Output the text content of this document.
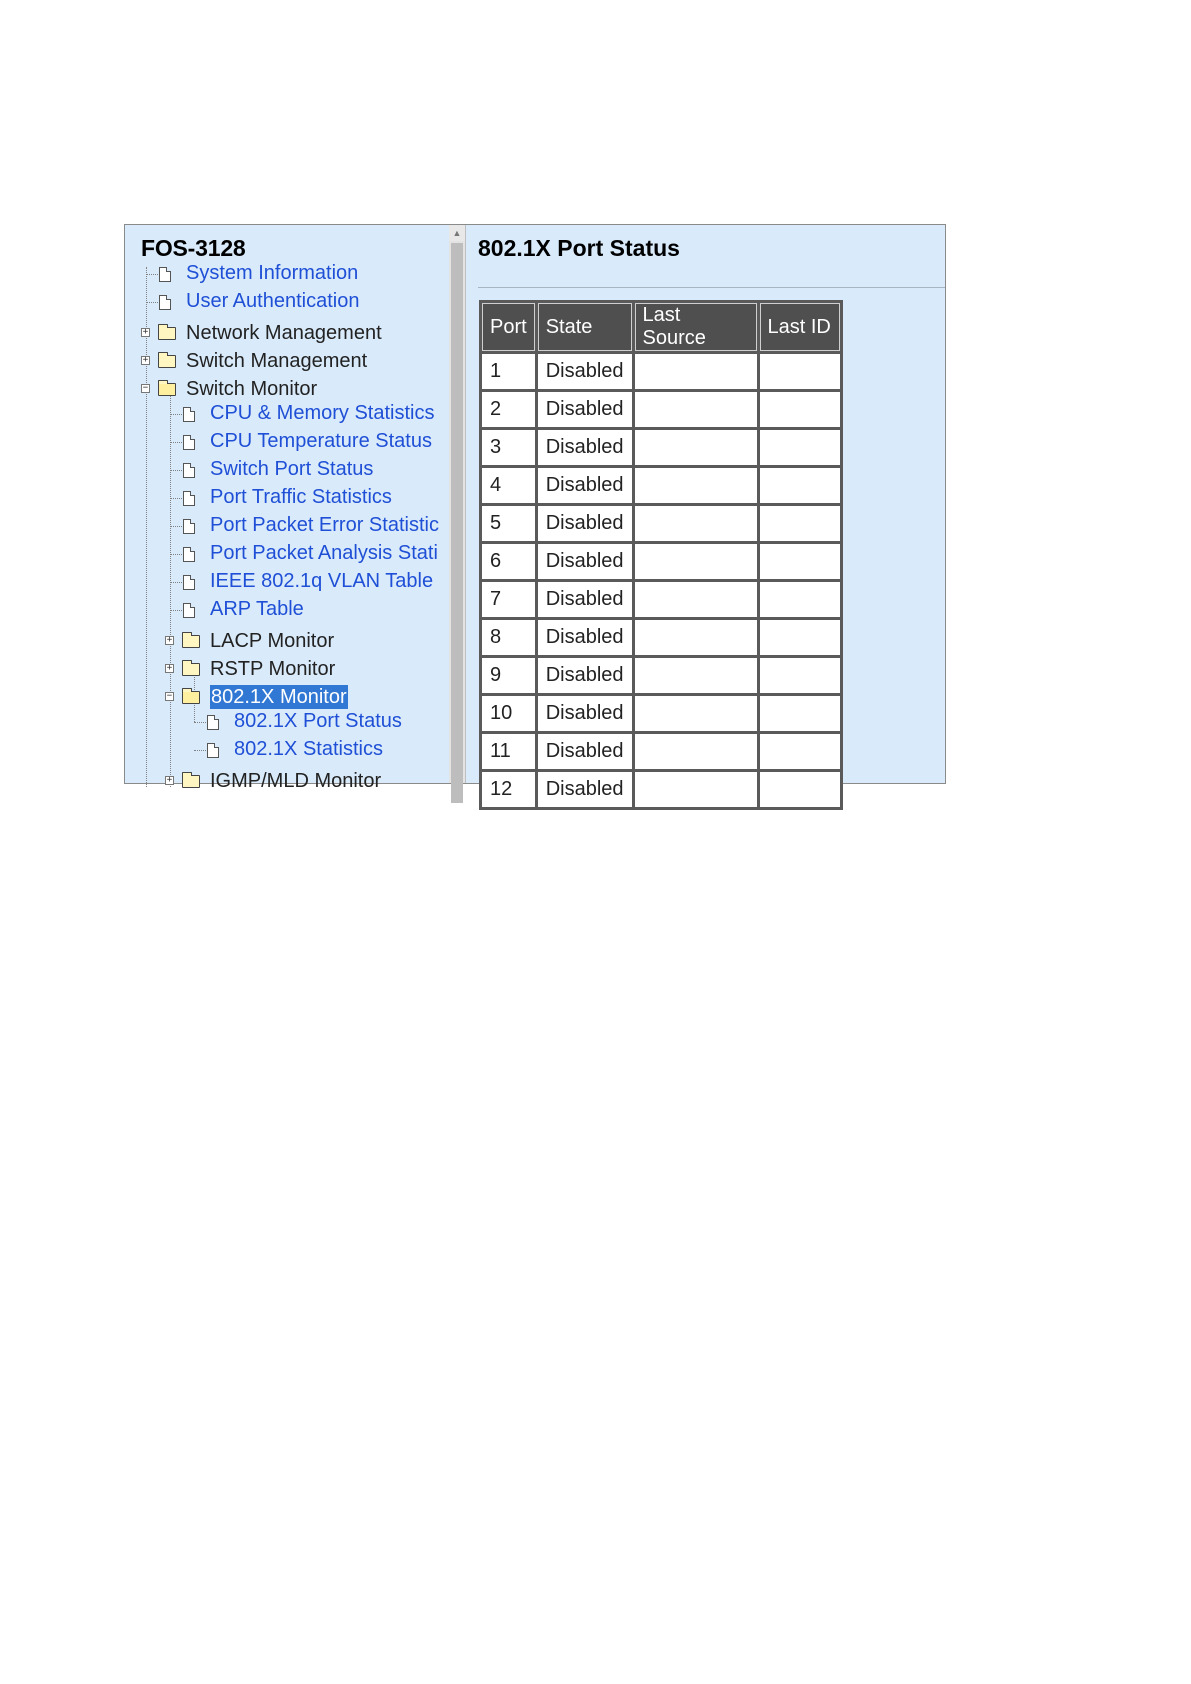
FOS-3128
System Information
User Authentication
+ Network Management
+ Switch Management
− Switch Monitor
CPU & Memory Statistics
CPU Temperature Status
Switch Port Status
Port Traffic Statistics
Port Packet Error Statistic
Port Packet Analysis Stati
IEEE 802.1q VLAN Table
ARP Table
+ LACP Monitor
+ RSTP Monitor
− 802.1X Monitor
802.1X Port Status
802.1X Statistics
+ IGMP/MLD Monitor
▲
802.1X Port Status
Port	State	Last Source	Last ID
1	Disabled		
2	Disabled		
3	Disabled		
4	Disabled		
5	Disabled		
6	Disabled		
7	Disabled		
8	Disabled		
9	Disabled		
10	Disabled		
11	Disabled		
12	Disabled		
